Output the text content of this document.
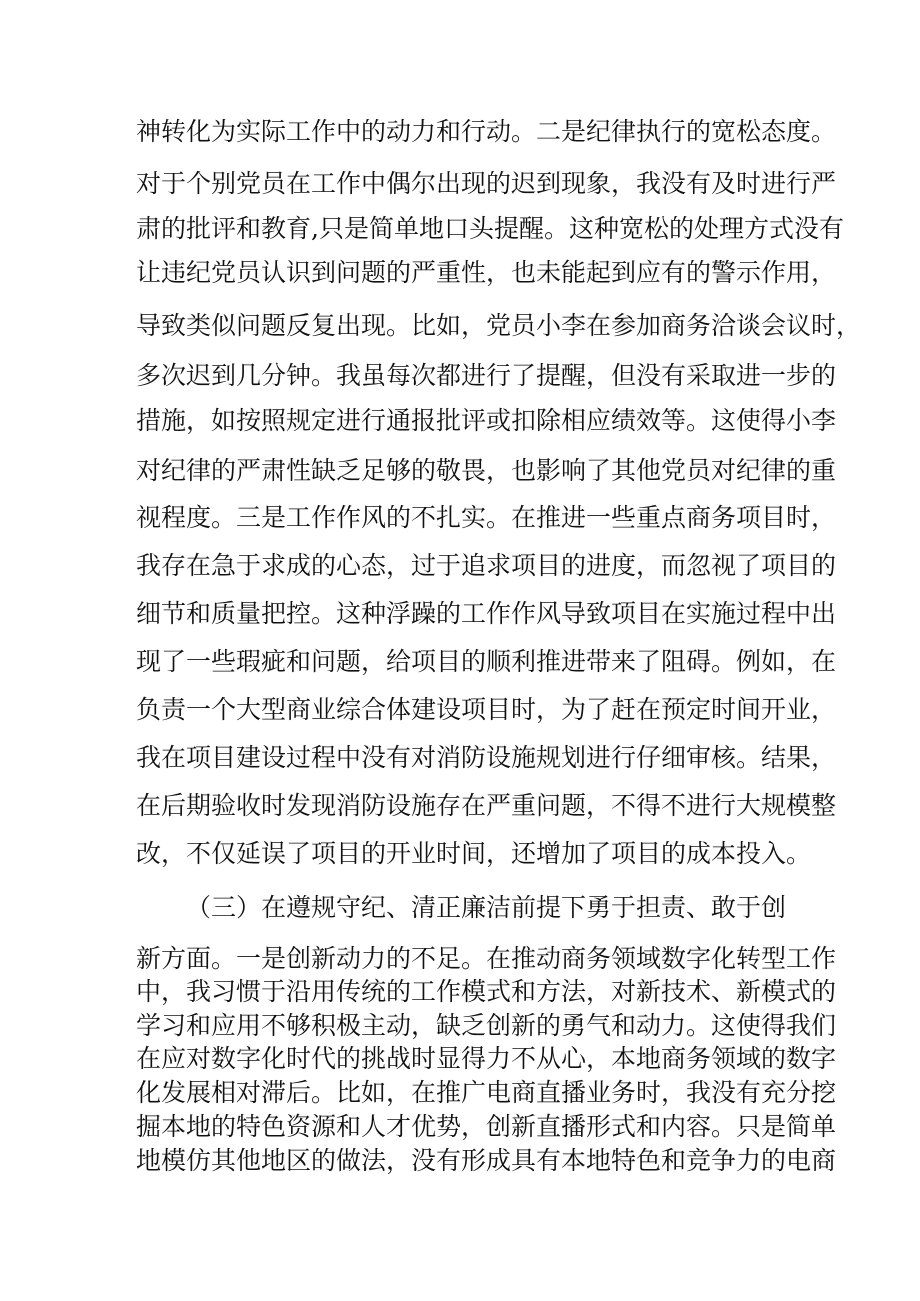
神转化为实际工作中的动力和行动。二是纪律执行的宽松态度。
对于个别党员在工作中偶尔出现的迟到现象，我没有及时进行严
肃的批评和教育,只是简单地口头提醒。这种宽松的处理方式没有
让违纪党员认识到问题的严重性，也未能起到应有的警示作用，
导致类似问题反复出现。比如，党员小李在参加商务洽谈会议时，
多次迟到几分钟。我虽每次都进行了提醒，但没有采取进一步的
措施，如按照规定进行通报批评或扣除相应绩效等。这使得小李
对纪律的严肃性缺乏足够的敬畏，也影响了其他党员对纪律的重
视程度。三是工作作风的不扎实。在推进一些重点商务项目时，
我存在急于求成的心态，过于追求项目的进度，而忽视了项目的
细节和质量把控。这种浮躁的工作作风导致项目在实施过程中出
现了一些瑕疵和问题，给项目的顺利推进带来了阻碍。例如，在
负责一个大型商业综合体建设项目时，为了赶在预定时间开业，
我在项目建设过程中没有对消防设施规划进行仔细审核。结果，
在后期验收时发现消防设施存在严重问题，不得不进行大规模整
改，不仅延误了项目的开业时间，还增加了项目的成本投入。
（三）在遵规守纪、清正廉洁前提下勇于担责、敢于创
新方面。一是创新动力的不足。在推动商务领域数字化转型工作
中，我习惯于沿用传统的工作模式和方法，对新技术、新模式的
学习和应用不够积极主动，缺乏创新的勇气和动力。这使得我们
在应对数字化时代的挑战时显得力不从心，本地商务领域的数字
化发展相对滞后。比如，在推广电商直播业务时，我没有充分挖
掘本地的特色资源和人才优势，创新直播形式和内容。只是简单
地模仿其他地区的做法，没有形成具有本地特色和竞争力的电商
